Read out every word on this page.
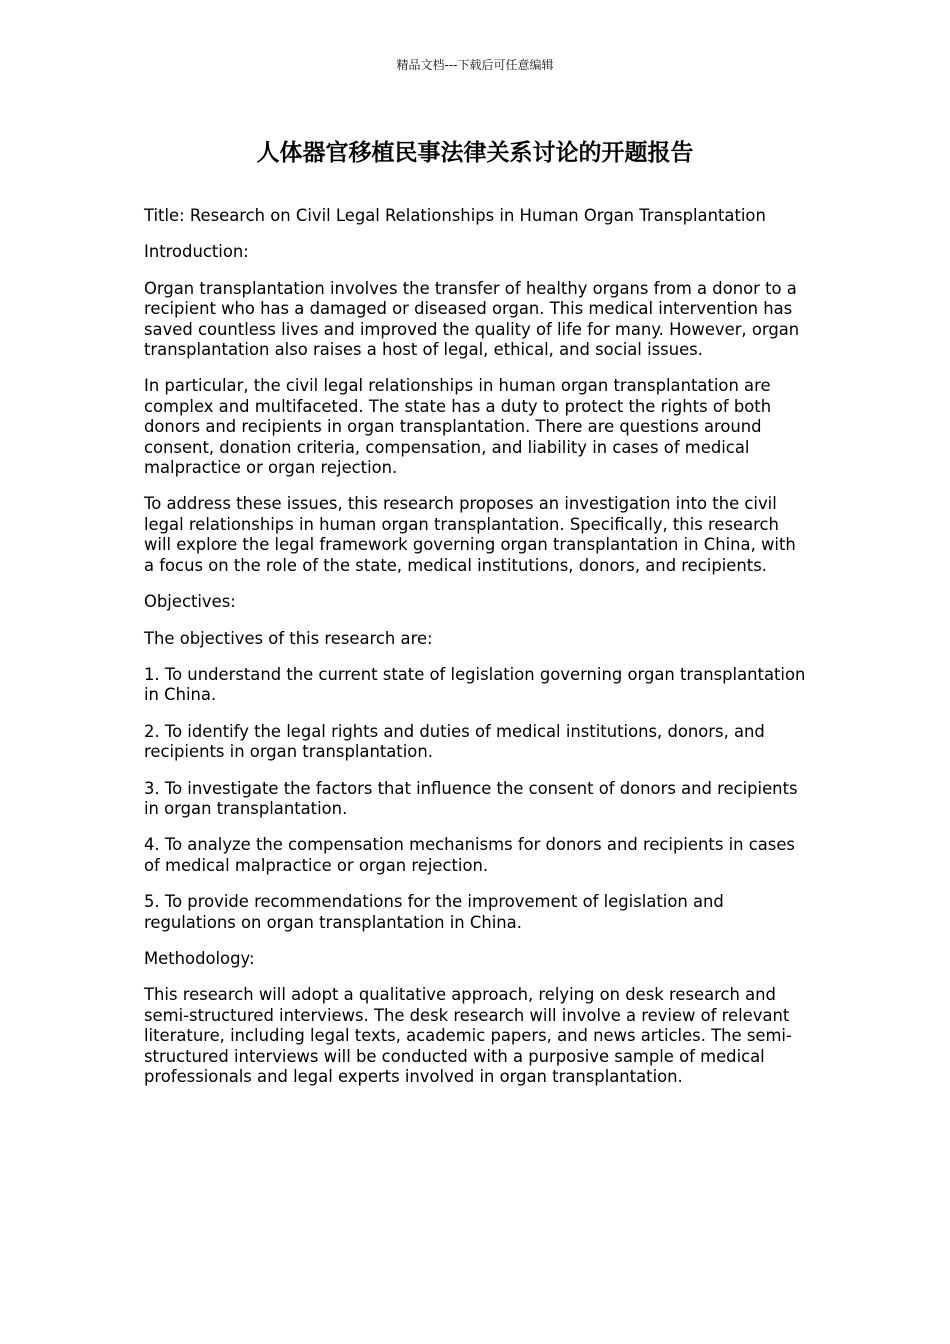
精品文档---下载后可任意编辑
人体器官移植民事法律关系讨论的开题报告

Title: Research on Civil Legal Relationships in Human Organ Transplantation

Introduction:

Organ transplantation involves the transfer of healthy organs from a donor to a recipient who has a damaged or diseased organ. This medical intervention has saved countless lives and improved the quality of life for many. However, organ transplantation also raises a host of legal, ethical, and social issues.

In particular, the civil legal relationships in human organ transplantation are complex and multifaceted. The state has a duty to protect the rights of both donors and recipients in organ transplantation. There are questions around consent, donation criteria, compensation, and liability in cases of medical malpractice or organ rejection.

To address these issues, this research proposes an investigation into the civil legal relationships in human organ transplantation. Specifically, this research will explore the legal framework governing organ transplantation in China, with a focus on the role of the state, medical institutions, donors, and recipients.

Objectives:

The objectives of this research are:

1. To understand the current state of legislation governing organ transplantation in China.

2. To identify the legal rights and duties of medical institutions, donors, and recipients in organ transplantation.

3. To investigate the factors that influence the consent of donors and recipients in organ transplantation.

4. To analyze the compensation mechanisms for donors and recipients in cases of medical malpractice or organ rejection.

5. To provide recommendations for the improvement of legislation and regulations on organ transplantation in China.

Methodology:

This research will adopt a qualitative approach, relying on desk research and semi-structured interviews. The desk research will involve a review of relevant literature, including legal texts, academic papers, and news articles. The semi-structured interviews will be conducted with a purposive sample of medical professionals and legal experts involved in organ transplantation.
